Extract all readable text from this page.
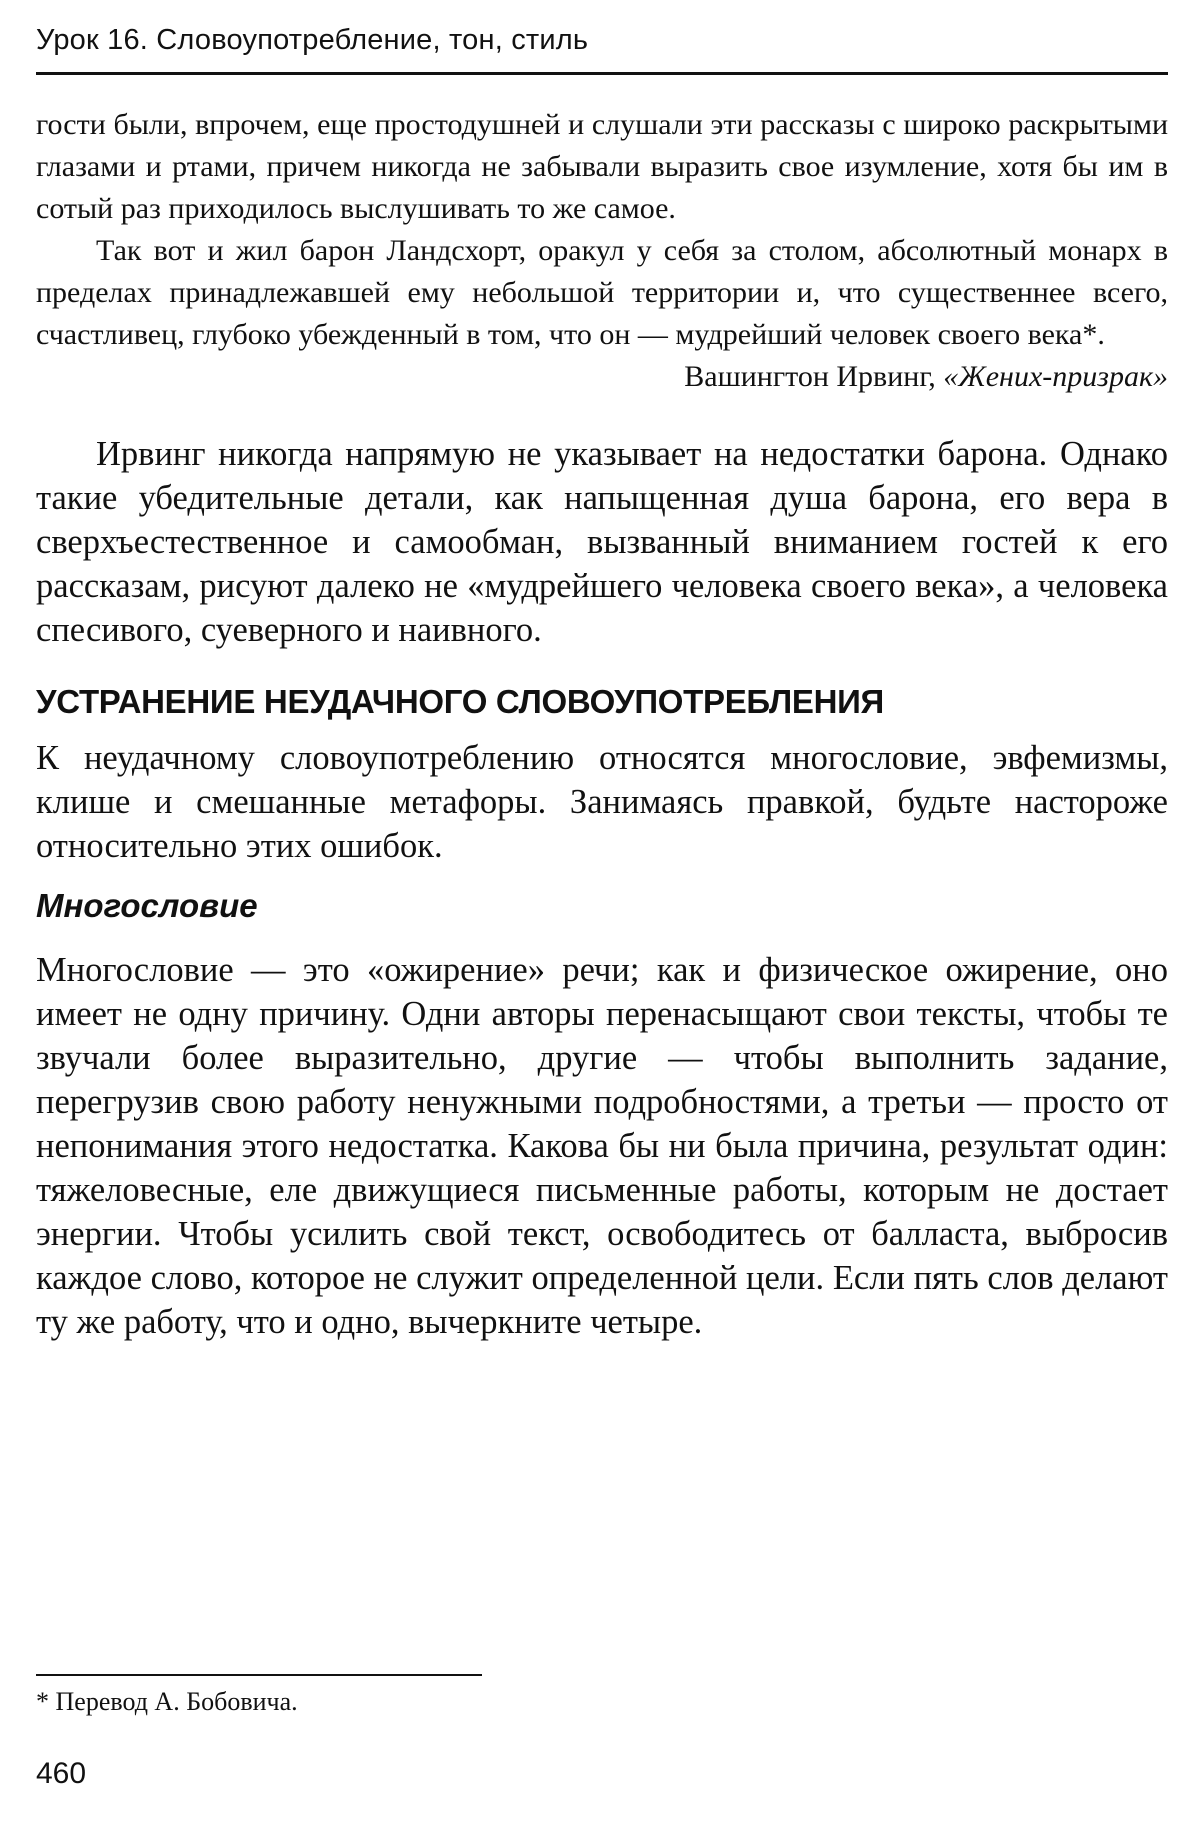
Урок 16. Словоупотребление, тон, стиль

гости были, впрочем, еще простодушней и слушали эти рассказы с широко раскрытыми глазами и ртами, причем никогда не забывали выразить свое изумление, хотя бы им в сотый раз приходилось выслушивать то же самое.

Так вот и жил барон Ландсхорт, оракул у себя за столом, абсолютный монарх в пределах принадлежавшей ему небольшой территории и, что существеннее всего, счастливец, глубоко убежденный в том, что он — мудрейший человек своего века*.

Вашингтон Ирвинг, «Жених-призрак»

Ирвинг никогда напрямую не указывает на недостатки барона. Однако такие убедительные детали, как напыщенная душа барона, его вера в сверхъестественное и самообман, вызванный вниманием гостей к его рассказам, рисуют далеко не «мудрейшего человека своего века», а человека спесивого, суеверного и наивного.

УСТРАНЕНИЕ НЕУДАЧНОГО СЛОВОУПОТРЕБЛЕНИЯ

К неудачному словоупотреблению относятся многословие, эвфемизмы, клише и смешанные метафоры. Занимаясь правкой, будьте настороже относительно этих ошибок.

Многословие

Многословие — это «ожирение» речи; как и физическое ожирение, оно имеет не одну причину. Одни авторы перенасыщают свои тексты, чтобы те звучали более выразительно, другие — чтобы выполнить задание, перегрузив свою работу ненужными подробностями, а третьи — просто от непонимания этого недостатка. Какова бы ни была причина, результат один: тяжеловесные, еле движущиеся письменные работы, которым не достает энергии. Чтобы усилить свой текст, освободитесь от балласта, выбросив каждое слово, которое не служит определенной цели. Если пять слов делают ту же работу, что и одно, вычеркните четыре.

* Перевод А. Бобовича.
460
